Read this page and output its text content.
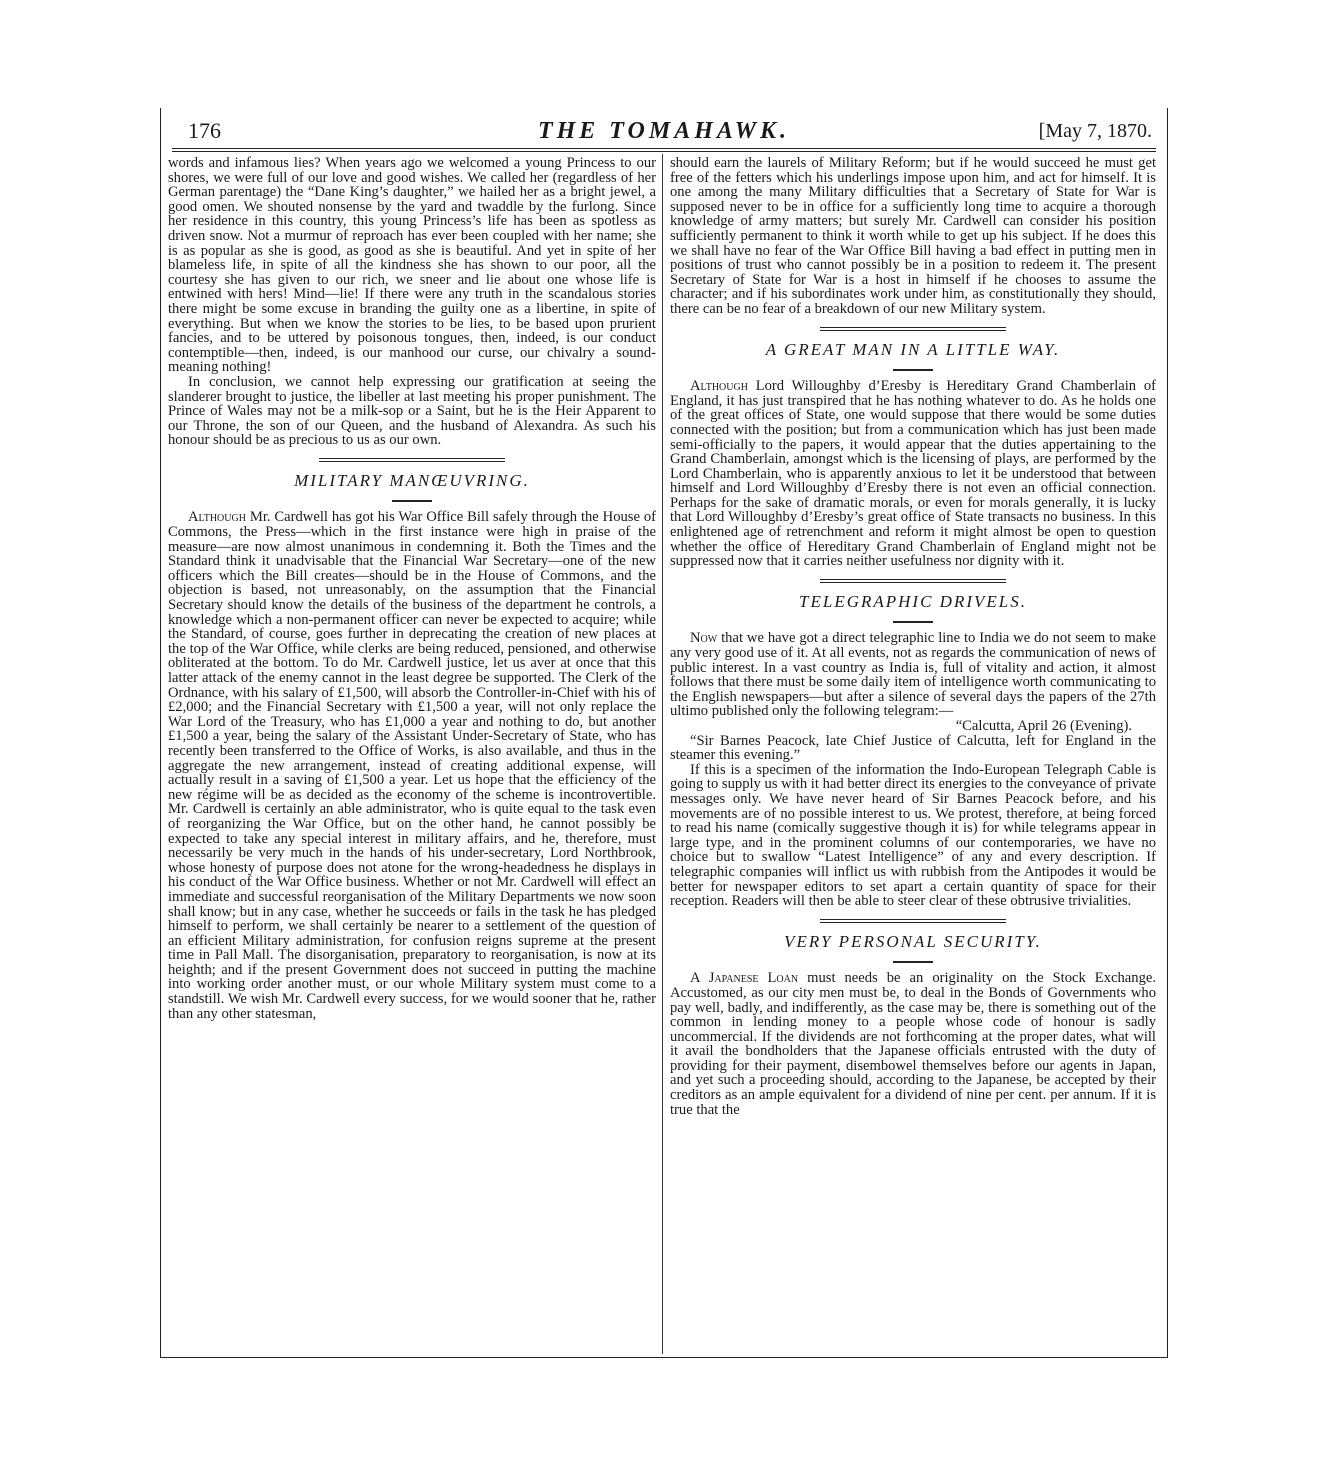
176	THE TOMAHAWK.	[May 7, 1870.

words and infamous lies? When years ago we welcomed a young Princess to our shores, we were full of our love and good wishes. We called her (regardless of her German parentage) the “Dane King’s daughter,” we hailed her as a bright jewel, a good omen. We shouted nonsense by the yard and twaddle by the furlong. Since her residence in this country, this young Princess’s life has been as spotless as driven snow. Not a murmur of reproach has ever been coupled with her name; she is as popular as she is good, as good as she is beautiful. And yet in spite of her blameless life, in spite of all the kindness she has shown to our poor, all the courtesy she has given to our rich, we sneer and lie about one whose life is entwined with hers! Mind—lie! If there were any truth in the scandalous stories there might be some excuse in branding the guilty one as a libertine, in spite of everything. But when we know the stories to be lies, to be based upon prurient fancies, and to be uttered by poisonous tongues, then, indeed, is our conduct contemptible—then, indeed, is our manhood our curse, our chivalry a sound-meaning nothing!

In conclusion, we cannot help expressing our gratification at seeing the slanderer brought to justice, the libeller at last meeting his proper punishment. The Prince of Wales may not be a milk-sop or a Saint, but he is the Heir Apparent to our Throne, the son of our Queen, and the husband of Alexandra. As such his honour should be as precious to us as our own.

MILITARY MANŒUVRING.

Although Mr. Cardwell has got his War Office Bill safely through the House of Commons, the Press—which in the first instance were high in praise of the measure—are now almost unanimous in condemning it. Both the Times and the Standard think it unadvisable that the Financial War Secretary—one of the new officers which the Bill creates—should be in the House of Commons, and the objection is based, not unreasonably, on the assumption that the Financial Secretary should know the details of the business of the department he controls, a knowledge which a non-permanent officer can never be expected to acquire; while the Standard, of course, goes further in deprecating the creation of new places at the top of the War Office, while clerks are being reduced, pensioned, and otherwise obliterated at the bottom. To do Mr. Cardwell justice, let us aver at once that this latter attack of the enemy cannot in the least degree be supported. The Clerk of the Ordnance, with his salary of £1,500, will absorb the Controller-in-Chief with his of £2,000; and the Financial Secretary with £1,500 a year, will not only replace the War Lord of the Treasury, who has £1,000 a year and nothing to do, but another £1,500 a year, being the salary of the Assistant Under-Secretary of State, who has recently been transferred to the Office of Works, is also available, and thus in the aggregate the new arrangement, instead of creating additional expense, will actually result in a saving of £1,500 a year. Let us hope that the efficiency of the new régime will be as decided as the economy of the scheme is incontrovertible. Mr. Cardwell is certainly an able administrator, who is quite equal to the task even of reorganizing the War Office, but on the other hand, he cannot possibly be expected to take any special interest in military affairs, and he, therefore, must necessarily be very much in the hands of his under-secretary, Lord Northbrook, whose honesty of purpose does not atone for the wrong-headedness he displays in his conduct of the War Office business. Whether or not Mr. Cardwell will effect an immediate and successful reorganisation of the Military Departments we now soon shall know; but in any case, whether he succeeds or fails in the task he has pledged himself to perform, we shall certainly be nearer to a settlement of the question of an efficient Military administration, for confusion reigns supreme at the present time in Pall Mall. The disorganisation, preparatory to reorganisation, is now at its heighth; and if the present Government does not succeed in putting the machine into working order another must, or our whole Military system must come to a standstill. We wish Mr. Cardwell every success, for we would sooner that he, rather than any other statesman,

should earn the laurels of Military Reform; but if he would succeed he must get free of the fetters which his underlings impose upon him, and act for himself. It is one among the many Military difficulties that a Secretary of State for War is supposed never to be in office for a sufficiently long time to acquire a thorough knowledge of army matters; but surely Mr. Cardwell can consider his position sufficiently permanent to think it worth while to get up his subject. If he does this we shall have no fear of the War Office Bill having a bad effect in putting men in positions of trust who cannot possibly be in a position to redeem it. The present Secretary of State for War is a host in himself if he chooses to assume the character; and if his subordinates work under him, as constitutionally they should, there can be no fear of a breakdown of our new Military system.

A GREAT MAN IN A LITTLE WAY.

Although Lord Willoughby d’Eresby is Hereditary Grand Chamberlain of England, it has just transpired that he has nothing whatever to do. As he holds one of the great offices of State, one would suppose that there would be some duties connected with the position; but from a communication which has just been made semi-officially to the papers, it would appear that the duties appertaining to the Grand Chamberlain, amongst which is the licensing of plays, are performed by the Lord Chamberlain, who is apparently anxious to let it be understood that between himself and Lord Willoughby d’Eresby there is not even an official connection. Perhaps for the sake of dramatic morals, or even for morals generally, it is lucky that Lord Willoughby d’Eresby’s great office of State transacts no business. In this enlightened age of retrenchment and reform it might almost be open to question whether the office of Hereditary Grand Chamberlain of England might not be suppressed now that it carries neither usefulness nor dignity with it.

TELEGRAPHIC DRIVELS.

Now that we have got a direct telegraphic line to India we do not seem to make any very good use of it. At all events, not as regards the communication of news of public interest. In a vast country as India is, full of vitality and action, it almost follows that there must be some daily item of intelligence worth communicating to the English newspapers—but after a silence of several days the papers of the 27th ultimo published only the following telegram:—

“Calcutta, April 26 (Evening).

“Sir Barnes Peacock, late Chief Justice of Calcutta, left for England in the steamer this evening.”

If this is a specimen of the information the Indo-European Telegraph Cable is going to supply us with it had better direct its energies to the conveyance of private messages only. We have never heard of Sir Barnes Peacock before, and his movements are of no possible interest to us. We protest, therefore, at being forced to read his name (comically suggestive though it is) for while telegrams appear in large type, and in the prominent columns of our contemporaries, we have no choice but to swallow “Latest Intelligence” of any and every description. If telegraphic companies will inflict us with rubbish from the Antipodes it would be better for newspaper editors to set apart a certain quantity of space for their reception. Readers will then be able to steer clear of these obtrusive trivialities.

VERY PERSONAL SECURITY.

A Japanese Loan must needs be an originality on the Stock Exchange. Accustomed, as our city men must be, to deal in the Bonds of Governments who pay well, badly, and indifferently, as the case may be, there is something out of the common in lending money to a people whose code of honour is sadly uncommercial. If the dividends are not forthcoming at the proper dates, what will it avail the bondholders that the Japanese officials entrusted with the duty of providing for their payment, disembowel themselves before our agents in Japan, and yet such a proceeding should, according to the Japanese, be accepted by their creditors as an ample equivalent for a dividend of nine per cent. per annum. If it is true that the
